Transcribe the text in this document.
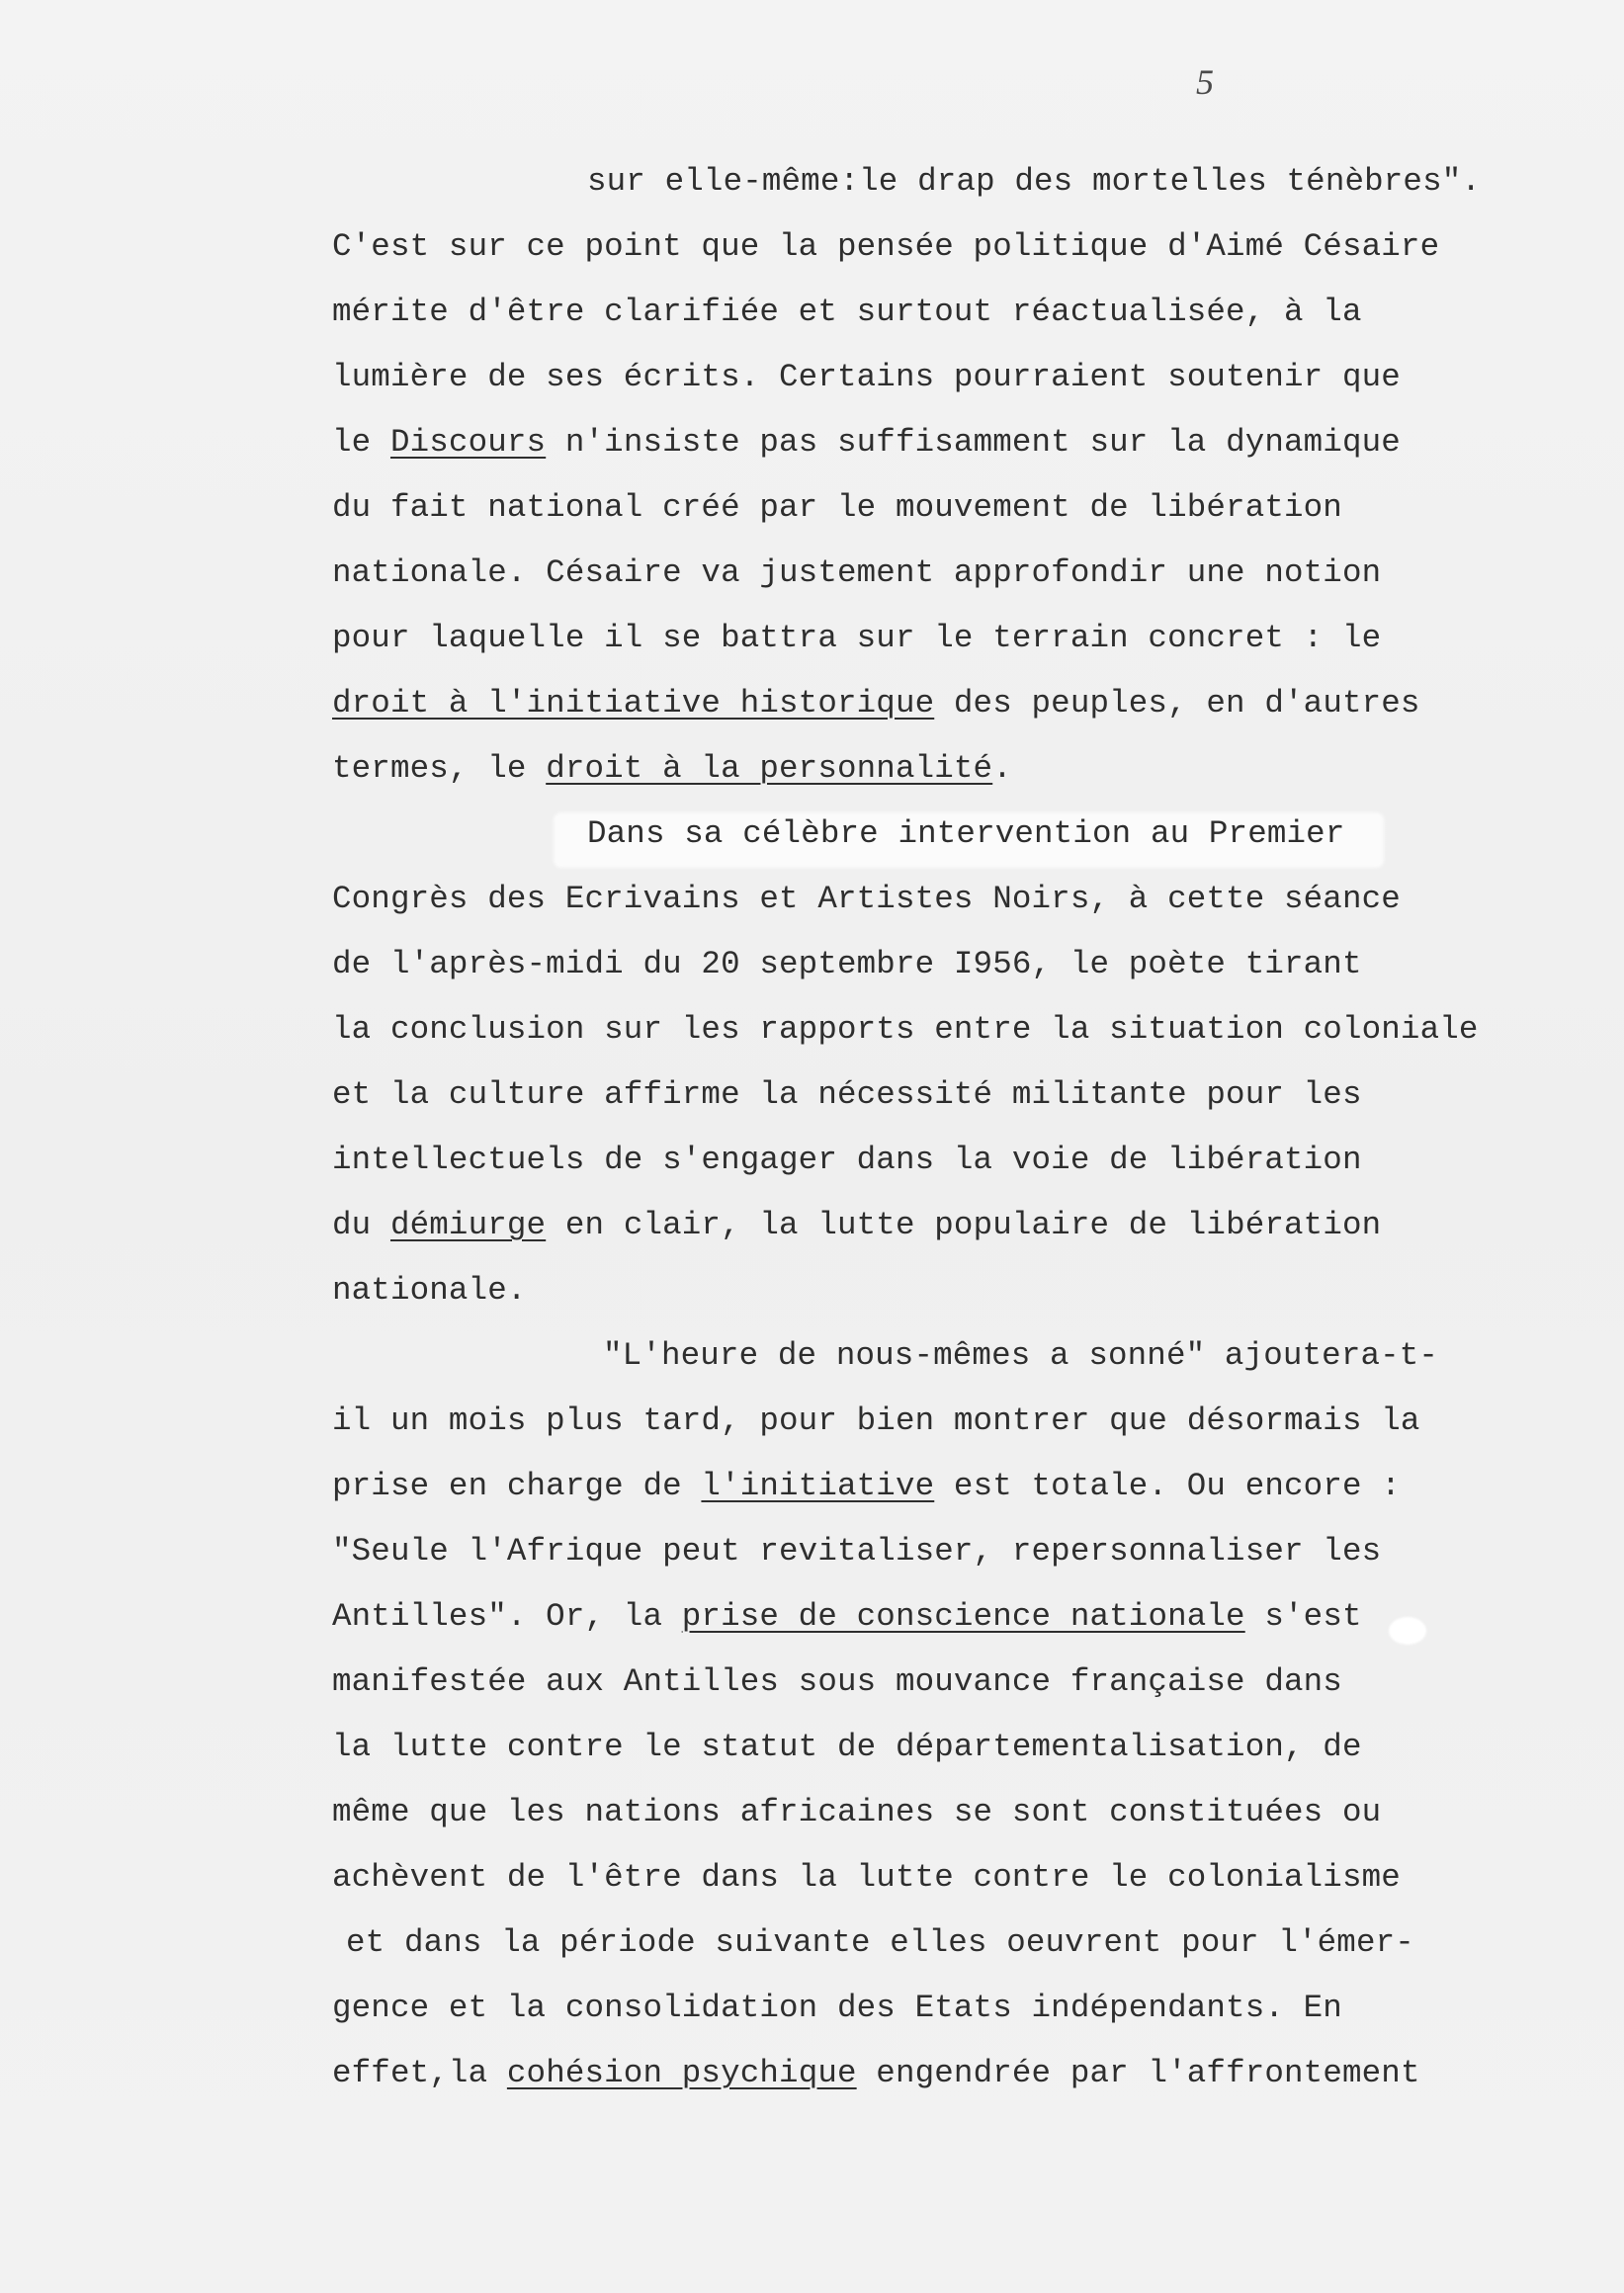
5
sur elle-même:le drap des mortelles ténèbres".
C'est sur ce point que la pensée politique d'Aimé Césaire
mérite d'être clarifiée et surtout réactualisée, à la
lumière de ses écrits. Certains pourraient soutenir que
le Discours n'insiste pas suffisamment sur la dynamique
du fait national créé par le mouvement de libération
nationale. Césaire va justement approfondir une notion
pour laquelle il se battra sur le terrain concret : le
droit à l'initiative historique des peuples, en d'autres
termes, le droit à la personnalité.
Dans sa célèbre intervention au Premier
Congrès des Ecrivains et Artistes Noirs, à cette séance
de l'après-midi du 20 septembre I956, le poète tirant
la conclusion sur les rapports entre la situation coloniale
et la culture affirme la nécessité militante pour les
intellectuels de s'engager dans la voie de libération
du démiurge en clair, la lutte populaire de libération
nationale.
"L'heure de nous-mêmes a sonné" ajoutera-t-
il un mois plus tard, pour bien montrer que désormais la
prise en charge de l'initiative est totale. Ou encore :
"Seule l'Afrique peut revitaliser, repersonnaliser les
Antilles". Or, la prise de conscience nationale s'est
manifestée aux Antilles sous mouvance française dans
la lutte contre le statut de départementalisation, de
même que les nations africaines se sont constituées ou
achèvent de l'être dans la lutte contre le colonialisme
et dans la période suivante elles oeuvrent pour l'émer-
gence et la consolidation des Etats indépendants. En
effet,la cohésion psychique engendrée par l'affrontement
